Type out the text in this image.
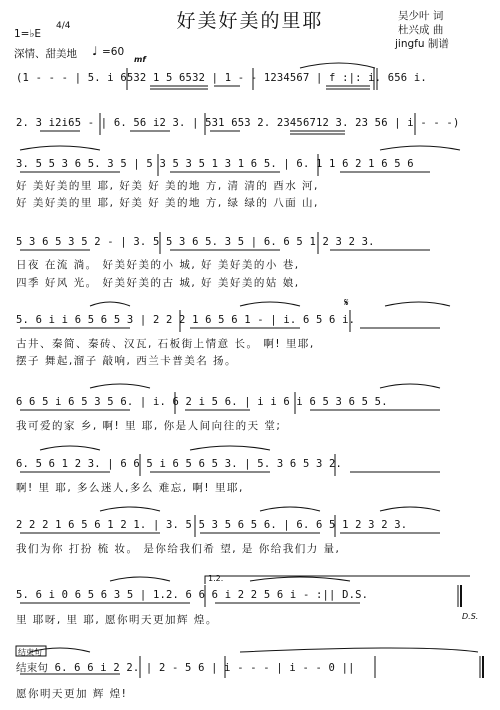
好美好美的里耶	吴少叶 词
杜兴成 曲
jingfu 制谱
1=♭E
4/4
深情、甜美地 ♩ =60
mf
(1 - - - | 5. i 6532 1 5 6532 | 1 - - 1234567 | f :|: i. 656 i.
2. 3 i2i65 - | 6. 56 i2 3. | 531 653 2. 23456712 3. 23 56 | i - - -)
3. 5 5 3 6 5. 3 5 | 5 3 5 3 5 1 3 1 6 5. | 6. 1 1 6 2 1 6 5 6
好 美好美的里 耶, 好美 好 美的地 方, 清 清的 酉水 河,
好 美好美的里 耶, 好美 好 美的地 方, 绿 绿的 八面 山,
5 3 6 5 3 5 2 - | 3. 5 5 3 6 5. 3 5 | 6. 6 5 1 2 3 2 3.
日夜 在流 淌。 好美好美的小 城, 好 美好美的小 巷,
四季 好风 光。 好美好美的古 城, 好 美好美的姑 娘,
5. 6 i i 6 5 6 5 3 | 2 2 2 1 6 5 6 1 - | i. 6 5 6 i.
古井、秦简、秦砖、汉瓦, 石板街上情意 长。 啊! 里耶,
摆子 舞起,溜子 敲响, 西兰卡普美名 扬。
6 6 5 i 6 5 3 5 6. | i. 6 2 i 5 6. | i i 6 i 6 5 3 6 5 5.
我可爱的家 乡, 啊! 里 耶, 你是人间向往的天 堂;
6. 5 6 1 2 3. | 6 6 5 i 6 5 6 5 3. | 5. 3 6 5 3 2.
啊! 里 耶, 多么迷人,多么 难忘, 啊! 里耶,
2 2 2 1 6 5 6 1 2 1. | 3. 5 5 3 5 6 5 6. | 6. 6 5 1 2 3 2 3.
我们为你 打扮 梳 妆。 是你给我们希 望, 是 你给我们力 量,
5. 6 i 0 6 5 6 3 5 | 1.2. 6 6 6 i 2 2 5 6 i - :|| D.S.
里 耶呀, 里 耶, 愿你明天更加辉 煌。
结束句 6. 6 6 i 2 2. | 2 - 5 6 | i - - - | i - - 0 ||
愿你明天更加 辉 煌!
1.2.
结束句
D.S.
𝄋
